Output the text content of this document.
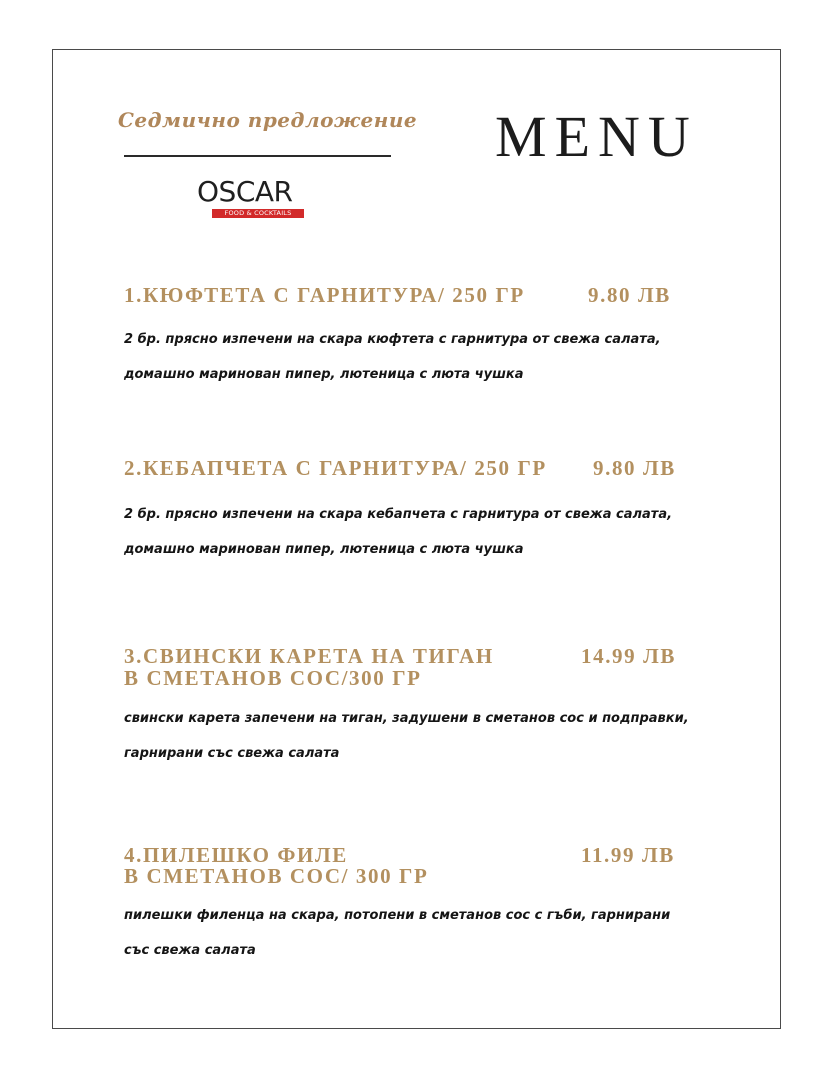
Седмично предложение MENU
OSCAR
FOOD & COCKTAILS
1.КЮФТЕТА С ГАРНИТУРА/ 250 ГР	9.80 ЛВ
2 бр. прясно изпечени на скара кюфтета с гарнитура от свежа салата,
домашно маринован пипер, лютеница с люта чушка
2.КЕБАПЧЕТА С ГАРНИТУРА/ 250 ГР 9.80 ЛВ
2 бр. прясно изпечени на скара кебапчета с гарнитура от свежа салата,
домашно маринован пипер, лютеница с люта чушка
3.СВИНСКИ КАРЕТА НА ТИГАН
В СМЕТАНОВ СОС/300 ГР
14.99 ЛВ
свински карета запечени на тиган, задушени в сметанов сос и подправки,
гарнирани със свежа салата
4.ПИЛЕШКО ФИЛЕ
В СМЕТАНОВ СОС/ 300 ГР
11.99 ЛВ
пилешки филенца на скара, потопени в сметанов сос с гъби, гарнирани
със свежа салата
